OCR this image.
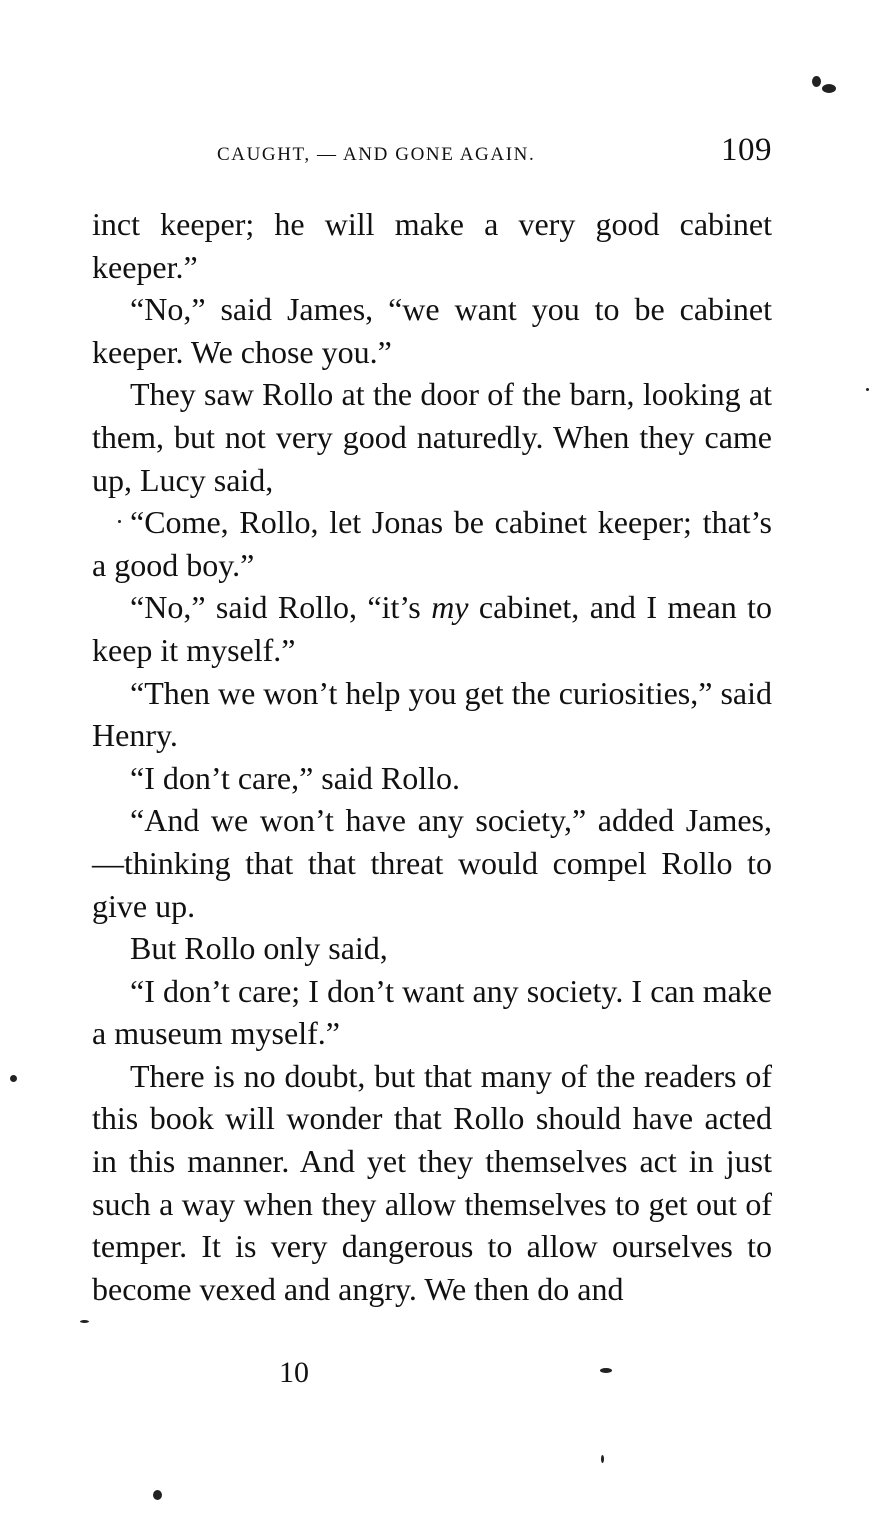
CAUGHT, — AND GONE AGAIN.	109

inct keeper; he will make a very good cabinet keeper.”

“No,” said James, “we want you to be cabinet keeper. We chose you.”

They saw Rollo at the door of the barn, looking at them, but not very good naturedly. When they came up, Lucy said,

“Come, Rollo, let Jonas be cabinet keeper; that’s a good boy.”

“No,” said Rollo, “it’s my cabinet, and I mean to keep it myself.”

“Then we won’t help you get the curiosities,” said Henry.

“I don’t care,” said Rollo.

“And we won’t have any society,” added James,—thinking that that threat would compel Rollo to give up.

But Rollo only said,

“I don’t care; I don’t want any society. I can make a museum myself.”

There is no doubt, but that many of the readers of this book will wonder that Rollo should have acted in this manner. And yet they themselves act in just such a way when they allow themselves to get out of temper. It is very dangerous to allow ourselves to become vexed and angry. We then do and

10
